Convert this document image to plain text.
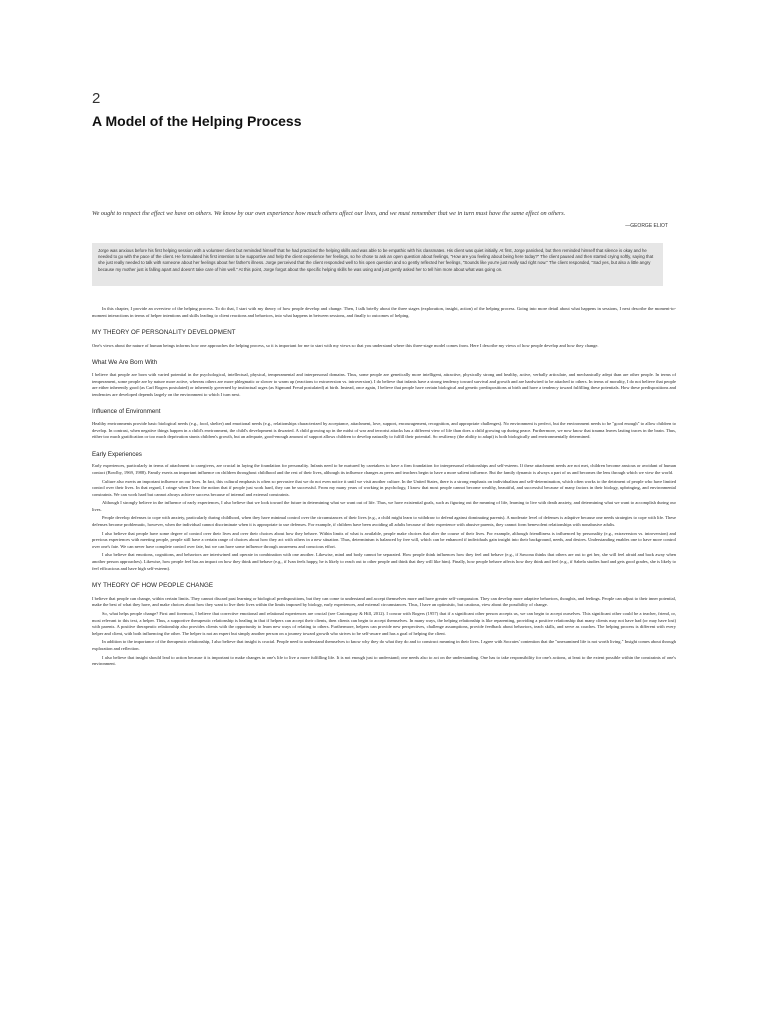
2
A Model of the Helping Process
We ought to respect the effect we have on others. We know by our own experience how much others affect our lives, and we must remember that we in turn must have the same effect on others.
—GEORGE ELIOT
Jorge was anxious before his first helping session with a volunteer client but reminded himself that he had practiced the helping skills and was able to be empathic with his classmates. His client was quiet initially. At first, Jorge panicked, but then reminded himself that silence is okay and he needed to go with the pace of the client. He formulated his first intention to be supportive and help the client experience her feelings, so he chose to ask an open question about feelings, "How are you feeling about being here today?" The client paused and then started crying softly, saying that she just really needed to talk with someone about her feelings about her father's illness. Jorge perceived that the client responded well to his open question and so gently reflected her feelings, "Sounds like you're just really sad right now." The client responded, "Sad yes, but also a little angry because my mother just is falling apart and doesn't take care of him well." At this point, Jorge forgot about the specific helping skills he was using and just gently asked her to tell him more about what was going on.

In this chapter, I provide an overview of the helping process. To do that, I start with my theory of how people develop and change. Then, I talk briefly about the three stages (exploration, insight, action) of the helping process. Going into more detail about what happens in sessions, I next describe the moment-to-moment interactions in terms of helper intentions and skills leading to client reactions and behaviors, into what happens in between sessions, and finally to outcomes of helping.

MY THEORY OF PERSONALITY DEVELOPMENT

One's views about the nature of human beings informs how one approaches the helping process, so it is important for me to start with my views so that you understand where this three-stage model comes from. Here I describe my views of how people develop and how they change.

What We Are Born With

I believe that people are born with varied potential in the psychological, intellectual, physical, temperamental and interpersonal domains. Thus, some people are genetically more intelligent, attractive, physically strong and healthy, active, verbally articulate, and mechanically adept than are other people. In terms of temperament, some people are by nature more active, whereas others are more phlegmatic or slower to warm up (reactions to extraversion vs. introversion). I do believe that infants have a strong tendency toward survival and growth and are hardwired to be attached to others. In terms of morality, I do not believe that people are either inherently good (as Carl Rogers postulated) or inherently governed by instinctual urges (as Sigmund Freud postulated) at birth. Instead, once again, I believe that people have certain biological and genetic predispositions at birth and have a tendency toward fulfilling these potentials. How these predispositions and tendencies are developed depends largely on the environment to which I turn next.

Influence of Environment

Healthy environments provide basic biological needs (e.g., food, shelter) and emotional needs (e.g., relationships characterized by acceptance, attachment, love, support, encouragement, recognition, and appropriate challenges). No environment is perfect, but the environment needs to be "good enough" to allow children to develop. In contrast, when negative things happen in a child's environment, the child's development is thwarted. A child growing up in the midst of war and terrorist attacks has a different view of life than does a child growing up during peace. Furthermore, we now know that trauma leaves lasting traces in the brain. Thus, either too much gratification or too much deprivation stunts children's growth, but an adequate, good-enough amount of support allows children to develop naturally to fulfill their potential. So resiliency (the ability to adapt) is both biologically and environmentally determined.

Early Experiences

Early experiences, particularly in terms of attachment to caregivers, are crucial in laying the foundation for personality. Infants need to be nurtured by caretakers to have a firm foundation for interpersonal relationships and self-esteem. If these attachment needs are not met, children become anxious or avoidant of human contact (Bowlby, 1969, 1988). Family exerts an important influence on children throughout childhood and the rest of their lives, although its influence changes as peers and teachers begin to have a more salient influence. But the family dynamic is always a part of us and becomes the lens through which we view the world.

Culture also exerts an important influence on our lives. In fact, this cultural emphasis is often so pervasive that we do not even notice it until we visit another culture. In the United States, there is a strong emphasis on individualism and self-determination, which often works to the detriment of people who have limited control over their lives. In that regard, I cringe when I hear the notion that if people just work hard, they can be successful. From my many years of working in psychology, I know that most people cannot become wealthy, beautiful, and successful because of many factors in their biology, upbringing, and environmental constraints. We can work hard but cannot always achieve success because of internal and external constraints.

Although I strongly believe in the influence of early experiences, I also believe that we look toward the future in determining what we want out of life. Thus, we have existential goals, such as figuring out the meaning of life, learning to live with death anxiety, and determining what we want to accomplish during our lives.

People develop defenses to cope with anxiety, particularly during childhood, when they have minimal control over the circumstances of their lives (e.g., a child might learn to withdraw to defend against dominating parents). A moderate level of defenses is adaptive because one needs strategies to cope with life. These defenses become problematic, however, when the individual cannot discriminate when it is appropriate to use defenses. For example, if children have been avoiding all adults because of their experience with abusive parents, they cannot form benevolent relationships with nonabusive adults.

I also believe that people have some degree of control over their lives and over their choices about how they behave. Within limits of what is available, people make choices that alter the course of their lives. For example, although friendliness is influenced by personality (e.g., extraversion vs. introversion) and previous experiences with meeting people, people still have a certain range of choices about how they act with others in a new situation. Thus, determinism is balanced by free will, which can be enhanced if individuals gain insight into their background, needs, and desires. Understanding enables one to have more control over one's fate. We can never have complete control over fate, but we can have some influence through awareness and conscious effort.

I also believe that emotions, cognitions, and behaviors are intertwined and operate in combination with one another. Likewise, mind and body cannot be separated. How people think influences how they feel and behave (e.g., if Sawona thinks that others are out to get her, she will feel afraid and back away when another person approaches). Likewise, how people feel has an impact on how they think and behave (e.g., if Ivan feels happy, he is likely to reach out to other people and think that they will like him). Finally, how people behave affects how they think and feel (e.g., if Sabela studies hard and gets good grades, she is likely to feel efficacious and have high self-esteem).

MY THEORY OF HOW PEOPLE CHANGE

I believe that people can change, within certain limits. They cannot discard past learning or biological predispositions, but they can come to understand and accept themselves more and have greater self-compassion. They can develop more adaptive behaviors, thoughts, and feelings. People can adjust to their inner potential, make the best of what they have, and make choices about how they want to live their lives within the limits imposed by biology, early experiences, and external circumstances. Thus, I have an optimistic, but cautious, view about the possibility of change.

So, what helps people change? First and foremost, I believe that corrective emotional and relational experiences are crucial (see Castonguay & Hill, 2012). I concur with Rogers (1957) that if a significant other person accepts us, we can begin to accept ourselves. This significant other could be a teacher, friend, or, most relevant to this text, a helper. Thus, a supportive therapeutic relationship is healing in that if helpers can accept their clients, then clients can begin to accept themselves. In many ways, the helping relationship is like reparenting, providing a positive relationship that many clients may not have had (or may have lost) with parents. A positive therapeutic relationship also provides clients with the opportunity to learn new ways of relating to others. Furthermore, helpers can provide new perspectives, challenge assumptions, provide feedback about behaviors, teach skills, and serve as coaches. The helping process is different with every helper and client, with both influencing the other. The helper is not an expert but simply another person on a journey toward growth who strives to be self-aware and has a goal of helping the client.

In addition to the importance of the therapeutic relationship, I also believe that insight is crucial. People need to understand themselves to know why they do what they do and to construct meaning in their lives. I agree with Socrates' contention that the "unexamined life is not worth living." Insight comes about through exploration and reflection.

I also believe that insight should lead to action because it is important to make changes in one's life to live a more fulfilling life. It is not enough just to understand; one needs also to act on the understanding. One has to take responsibility for one's actions, at least to the extent possible within the constraints of one's environment.
